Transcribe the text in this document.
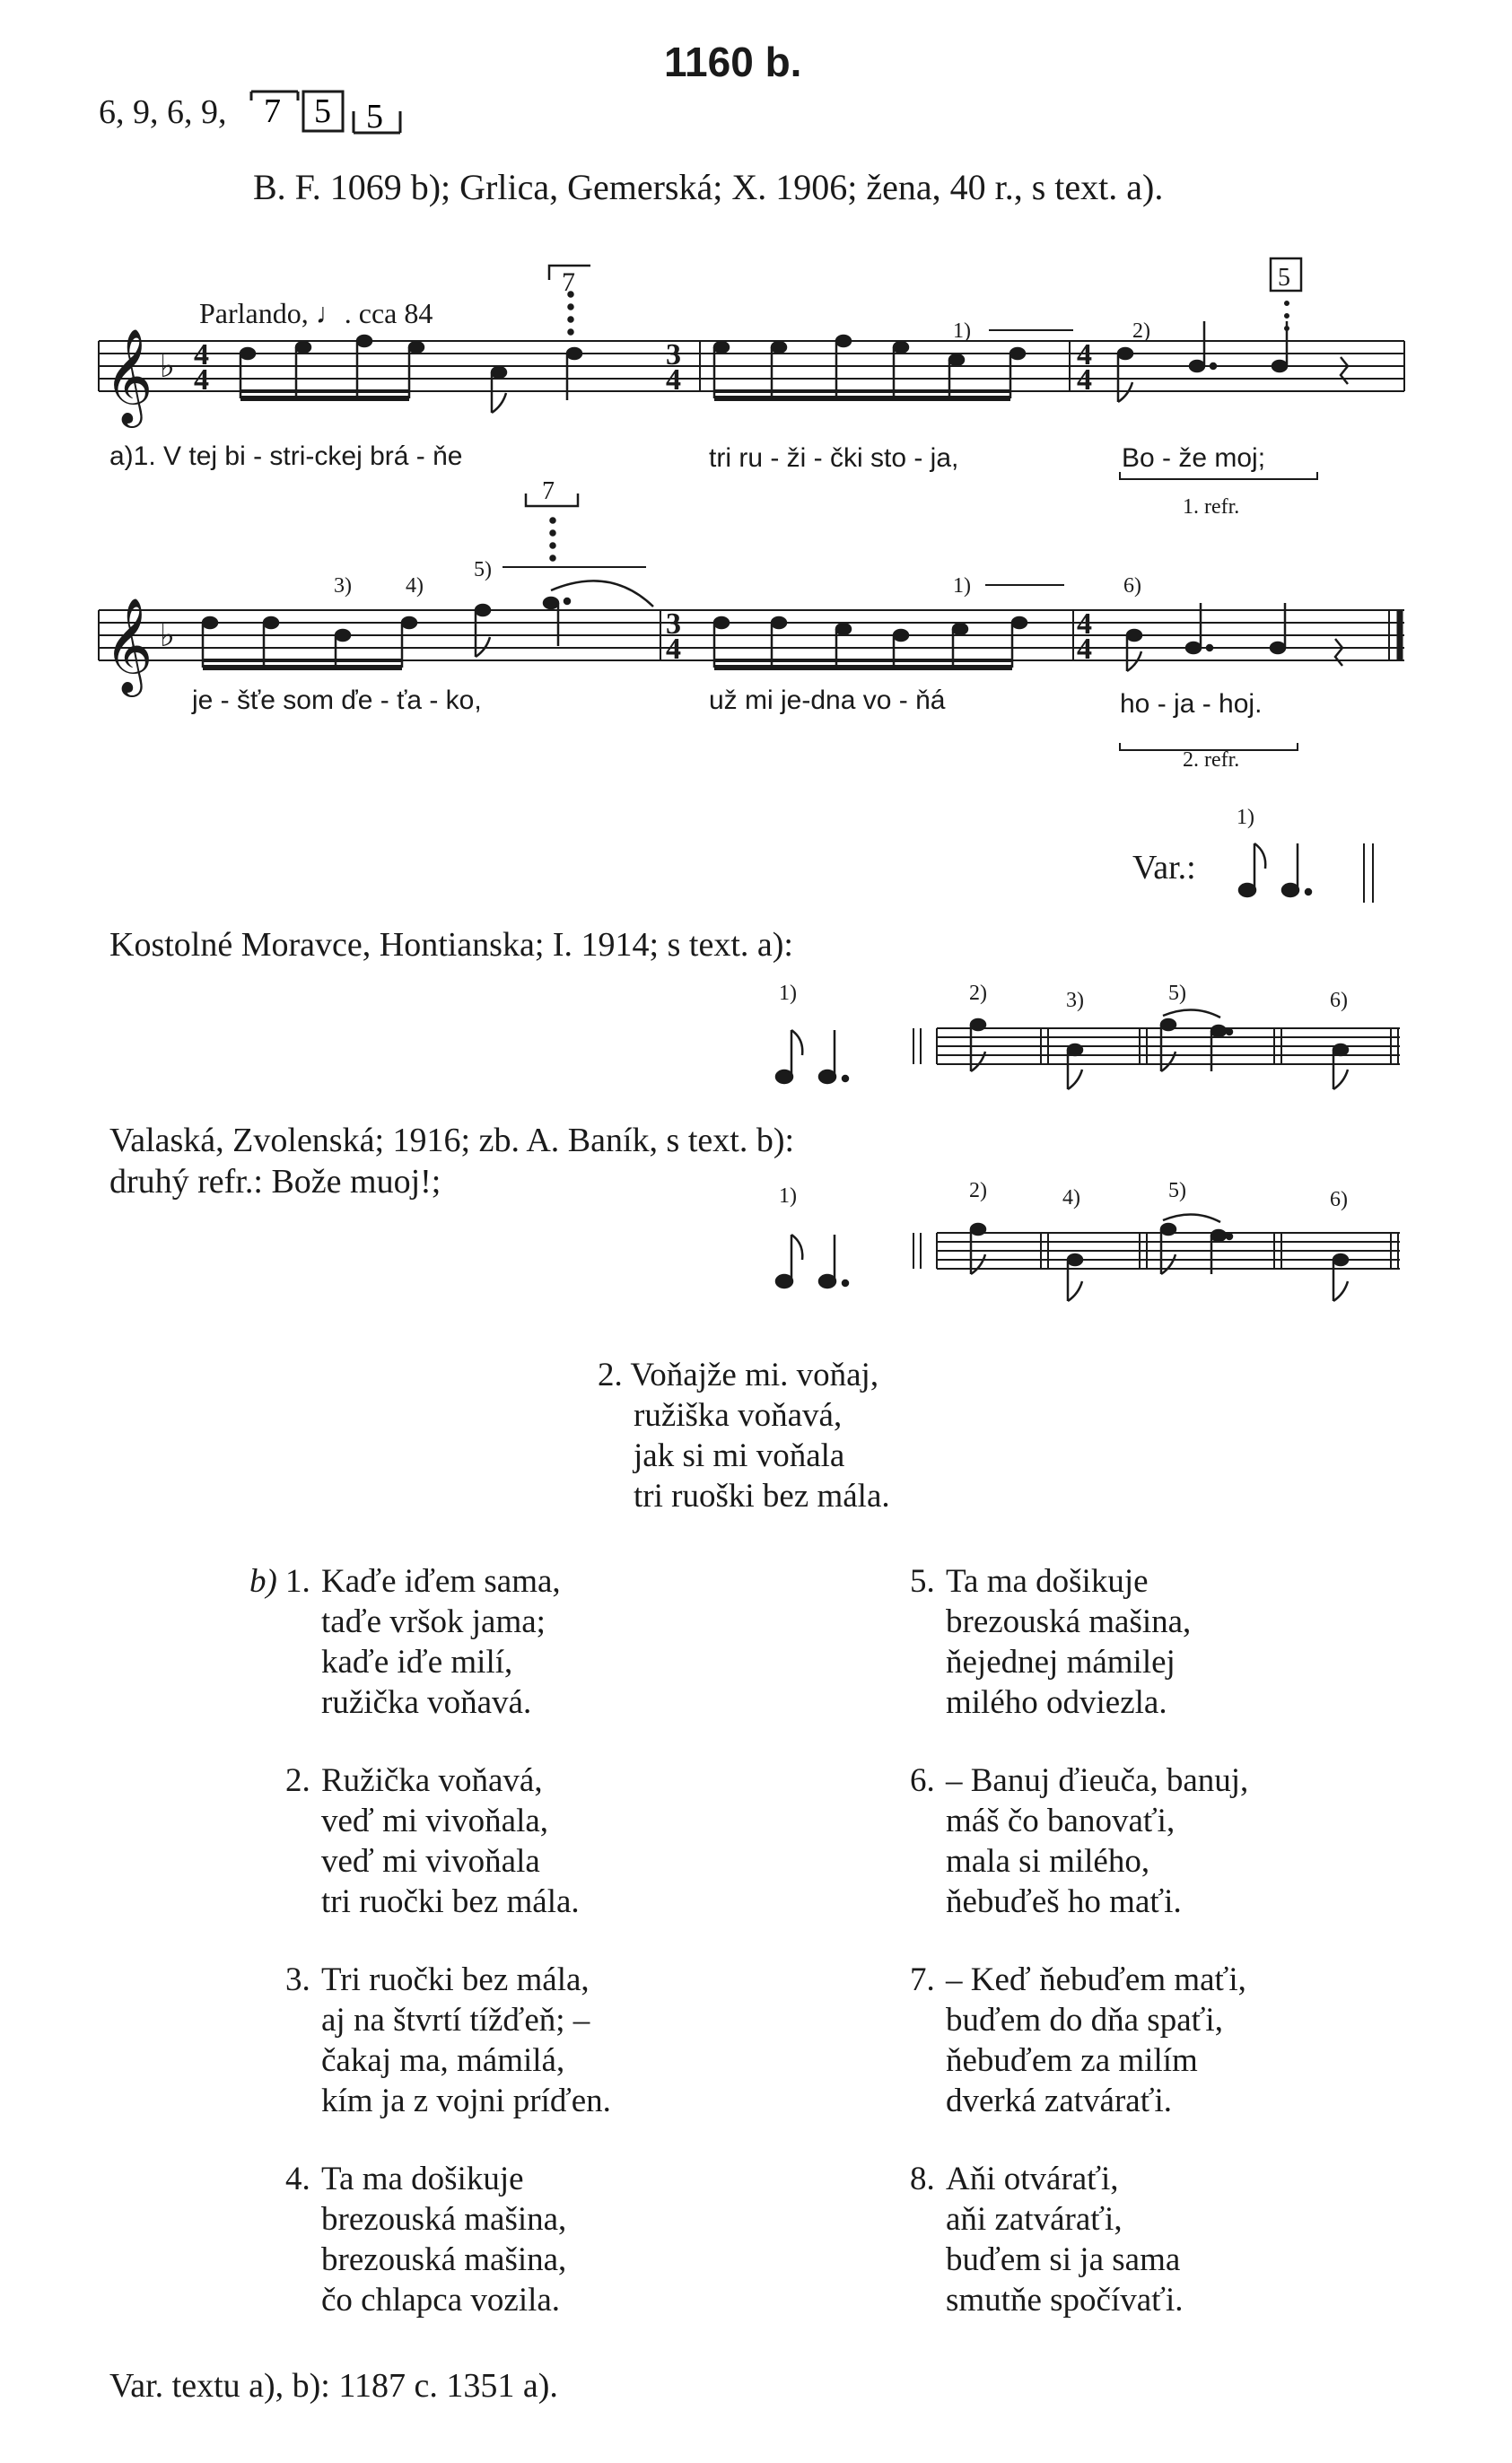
1160 b.
6, 9, 6, 9, 7 5 5
B. F. 1069 b); Grlica, Gemerská; X. 1906; žena, 40 r., s text. a).
Parlando, ♩. cca 84
𝄞 ♭ 4
4
7
3
4
1)	2)
4
4
5
𝄞 ♭
3)	4)
5)
7
3
4
1)	6)
4
4
a)1. V tej bi - stri-ckej brá - ňe	tri ru - ži - čki sto - ja,	Bo - že moj;
1. refr.
je - šťe som ďe - ťa - ko,	už mi je-dna vo - ňá	ho - ja - hoj.
2. refr.
1)
Var.:
Kostolné Moravce, Hontianska; I. 1914; s text. a):
1)	2)	3)	5)	6)
Valaská, Zvolenská; 1916; zb. A. Baník, s text. b):
druhý refr.: Bože muoj!;	1)	2)	4)	5)	6)
2. Voňajže mi. voňaj,
ružiška voňavá,
jak si mi voňala
tri ruoški bez mála.
b) 1. Kaďe iďem sama,
taďe vršok jama;
kaďe iďe milí,
ružička voňavá.
2. Ružička voňavá,
veď mi vivoňala,
veď mi vivoňala
tri ruočki bez mála.
3. Tri ruočki bez mála,
aj na štvrtí tížďeň; –
čakaj ma, mámilá,
kím ja z vojni príďen.
4. Ta ma došikuje
brezouská mašina,
brezouská mašina,
čo chlapca vozila.
5. Ta ma došikuje
brezouská mašina,
ňejednej mámilej
milého odviezla.
6. – Banuj ďieuča, banuj,
máš čo banovaťi,
mala si milého,
ňebuďeš ho maťi.
7. – Keď ňebuďem maťi,
buďem do dňa spaťi,
ňebuďem za milím
dverká zatváraťi.
8. Aňi otváraťi,
aňi zatváraťi,
buďem si ja sama
smutňe spočívaťi.
Var. textu a), b): 1187 c. 1351 a).
